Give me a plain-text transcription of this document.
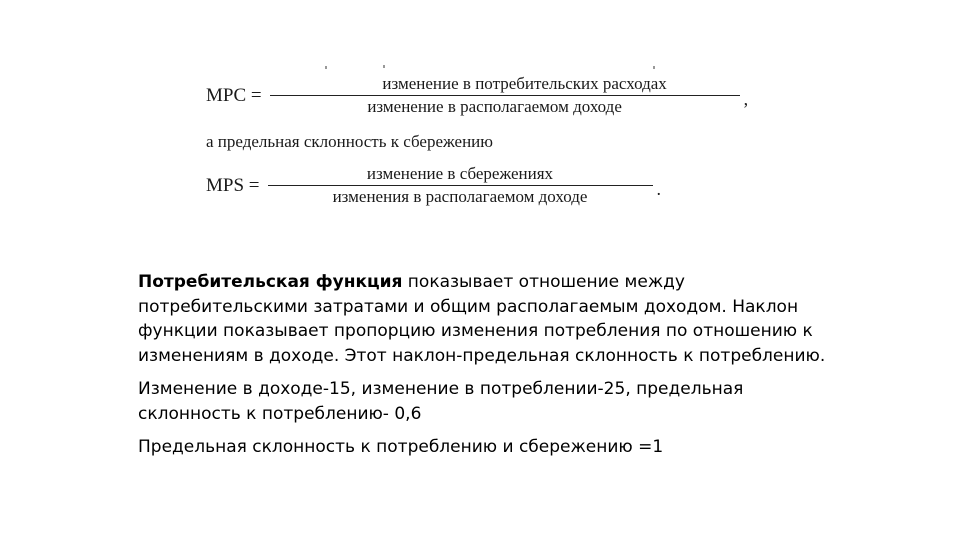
MPC = $\frac{\text{изменение в потребительских расходах}}{\text{изменение в располагаемом доходе}}$ ,
а предельная склонность к сбережению
MPS = $\frac{\text{изменение в сбережениях}}{\text{изменения в располагаемом доходе}}$ .

Потребительская функция показывает отношение между потребительскими затратами и общим располагаемым доходом. Наклон функции показывает пропорцию изменения потребления по отношению к изменениям в доходе. Этот наклон-предельная склонность к потреблению.

Изменение в доходе-15, изменение в потреблении-25, предельная склонность к потреблению- 0,6

Предельная склонность к потреблению и сбережению =1
